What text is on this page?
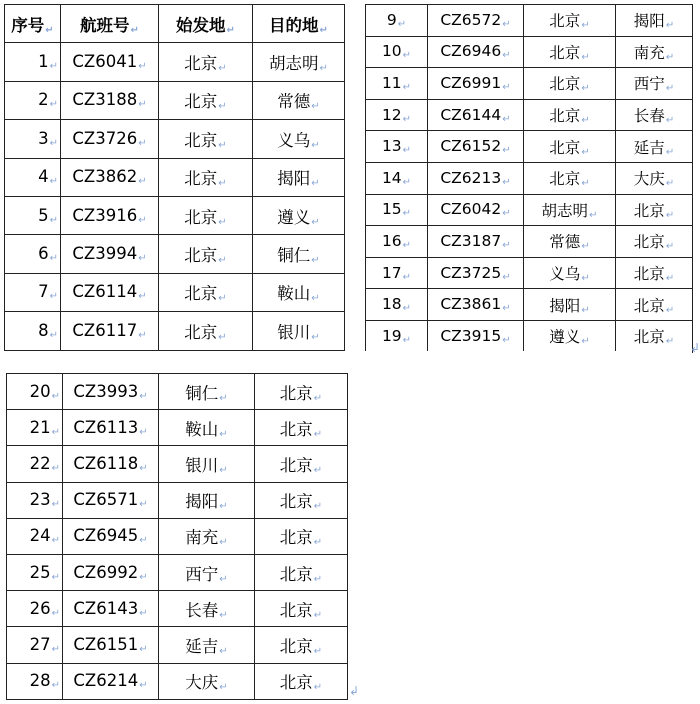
序号↵	航班号↵	始发地↵	目的地↵
1↵	CZ6041↵	北京↵	胡志明↵
2↵	CZ3188↵	北京↵	常德↵
3↵	CZ3726↵	北京↵	义乌↵
4↵	CZ3862↵	北京↵	揭阳↵
5↵	CZ3916↵	北京↵	遵义↵
6↵	CZ3994↵	北京↵	铜仁↵
7↵	CZ6114↵	北京↵	鞍山↵
8↵	CZ6117↵	北京↵	银川↵
9↵	CZ6572↵	北京↵	揭阳↵
10↵	CZ6946↵	北京↵	南充↵
11↵	CZ6991↵	北京↵	西宁↵
12↵	CZ6144↵	北京↵	长春↵
13↵	CZ6152↵	北京↵	延吉↵
14↵	CZ6213↵	北京↵	大庆↵
15↵	CZ6042↵	胡志明↵	北京↵
16↵	CZ3187↵	常德↵	北京↵
17↵	CZ3725↵	义乌↵	北京↵
18↵	CZ3861↵	揭阳↵	北京↵
19↵	CZ3915↵	遵义↵	北京↵ ↲
20↵	CZ3993↵	铜仁↵	北京↵
21↵	CZ6113↵	鞍山↵	北京↵
22↵	CZ6118↵	银川↵	北京↵
23↵	CZ6571↵	揭阳↵	北京↵
24↵	CZ6945↵	南充↵	北京↵
25↵	CZ6992↵	西宁↵	北京↵
26↵	CZ6143↵	长春↵	北京↵
27↵	CZ6151↵	延吉↵	北京↵
28↵	CZ6214↵	大庆↵	北京↵ ↲
